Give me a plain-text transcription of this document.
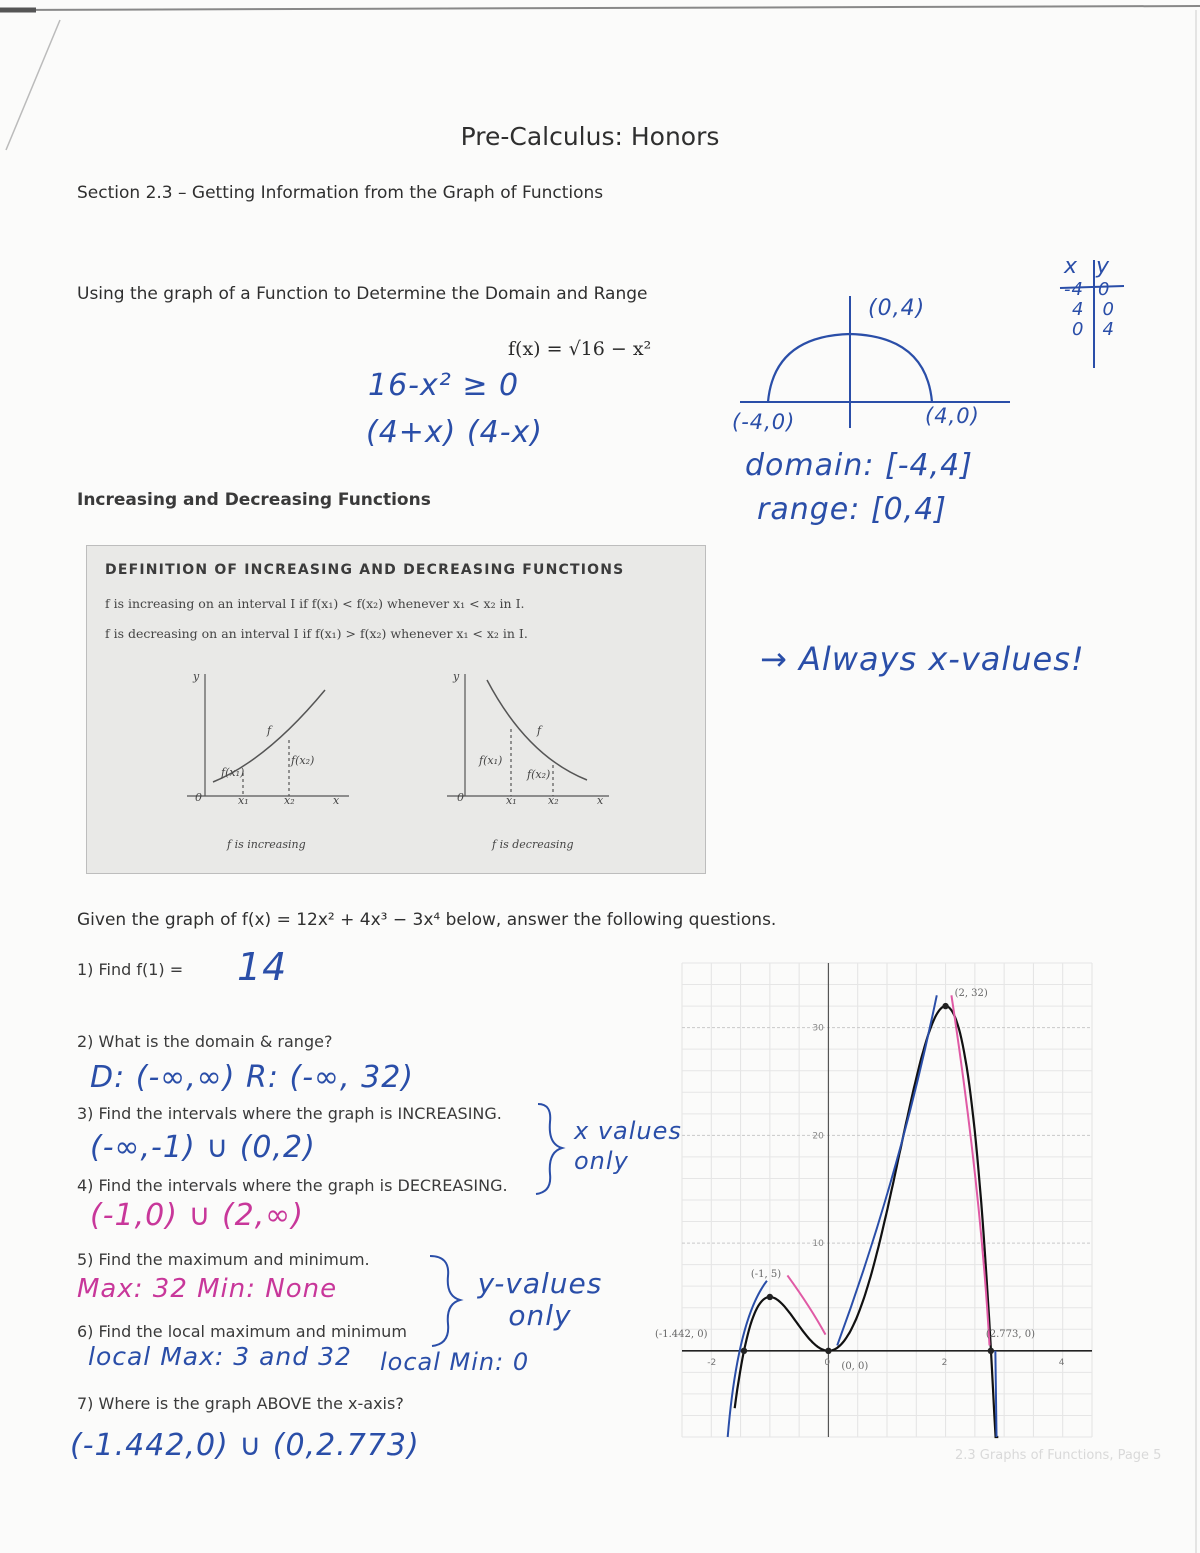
Pre-Calculus: Honors
Section 2.3 – Getting Information from the Graph of Functions
Using the graph of a Function to Determine the Domain and Range
f(x) = √16 − x²
16-x² ≥ 0
(4+x) (4-x)
(0,4)
(-4,0)	(4,0)
domain: [-4,4]
range: [0,4]
x y
-4 0
4 0
0 4
Increasing and Decreasing Functions
DEFINITION OF INCREASING AND DECREASING FUNCTIONS
f is increasing on an interval I if f(x₁) < f(x₂) whenever x₁ < x₂ in I.
f is decreasing on an interval I if f(x₁) > f(x₂) whenever x₁ < x₂ in I.
y
f
f(x₁)
f(x₂)
0	x₁	x₂	x
f is increasing
y
f
f(x₁)
f(x₂)
0	x₁	x₂	x
f is decreasing
→ Always x-values!
Given the graph of f(x) = 12x² + 4x³ − 3x⁴ below, answer the following questions.
1) Find f(1) = 14
2) What is the domain & range?
D: (-∞,∞) R: (-∞, 32)
3) Find the intervals where the graph is INCREASING.
(-∞,-1) ∪ (0,2)
4) Find the intervals where the graph is DECREASING.
(-1,0) ∪ (2,∞)
x values only
5) Find the maximum and minimum.
Max: 32 Min: None	y-values only
6) Find the local maximum and minimum
local Max: 3 and 32 local Min: 0
7) Where is the graph ABOVE the x-axis?
(-1.442,0) ∪ (0,2.773)
-2	0	2	4
10
20
30
(2, 32)
(-1, 5)
(-1.442, 0)	(2.773, 0)
(0, 0)
2.3 Graphs of Functions, Page 5
